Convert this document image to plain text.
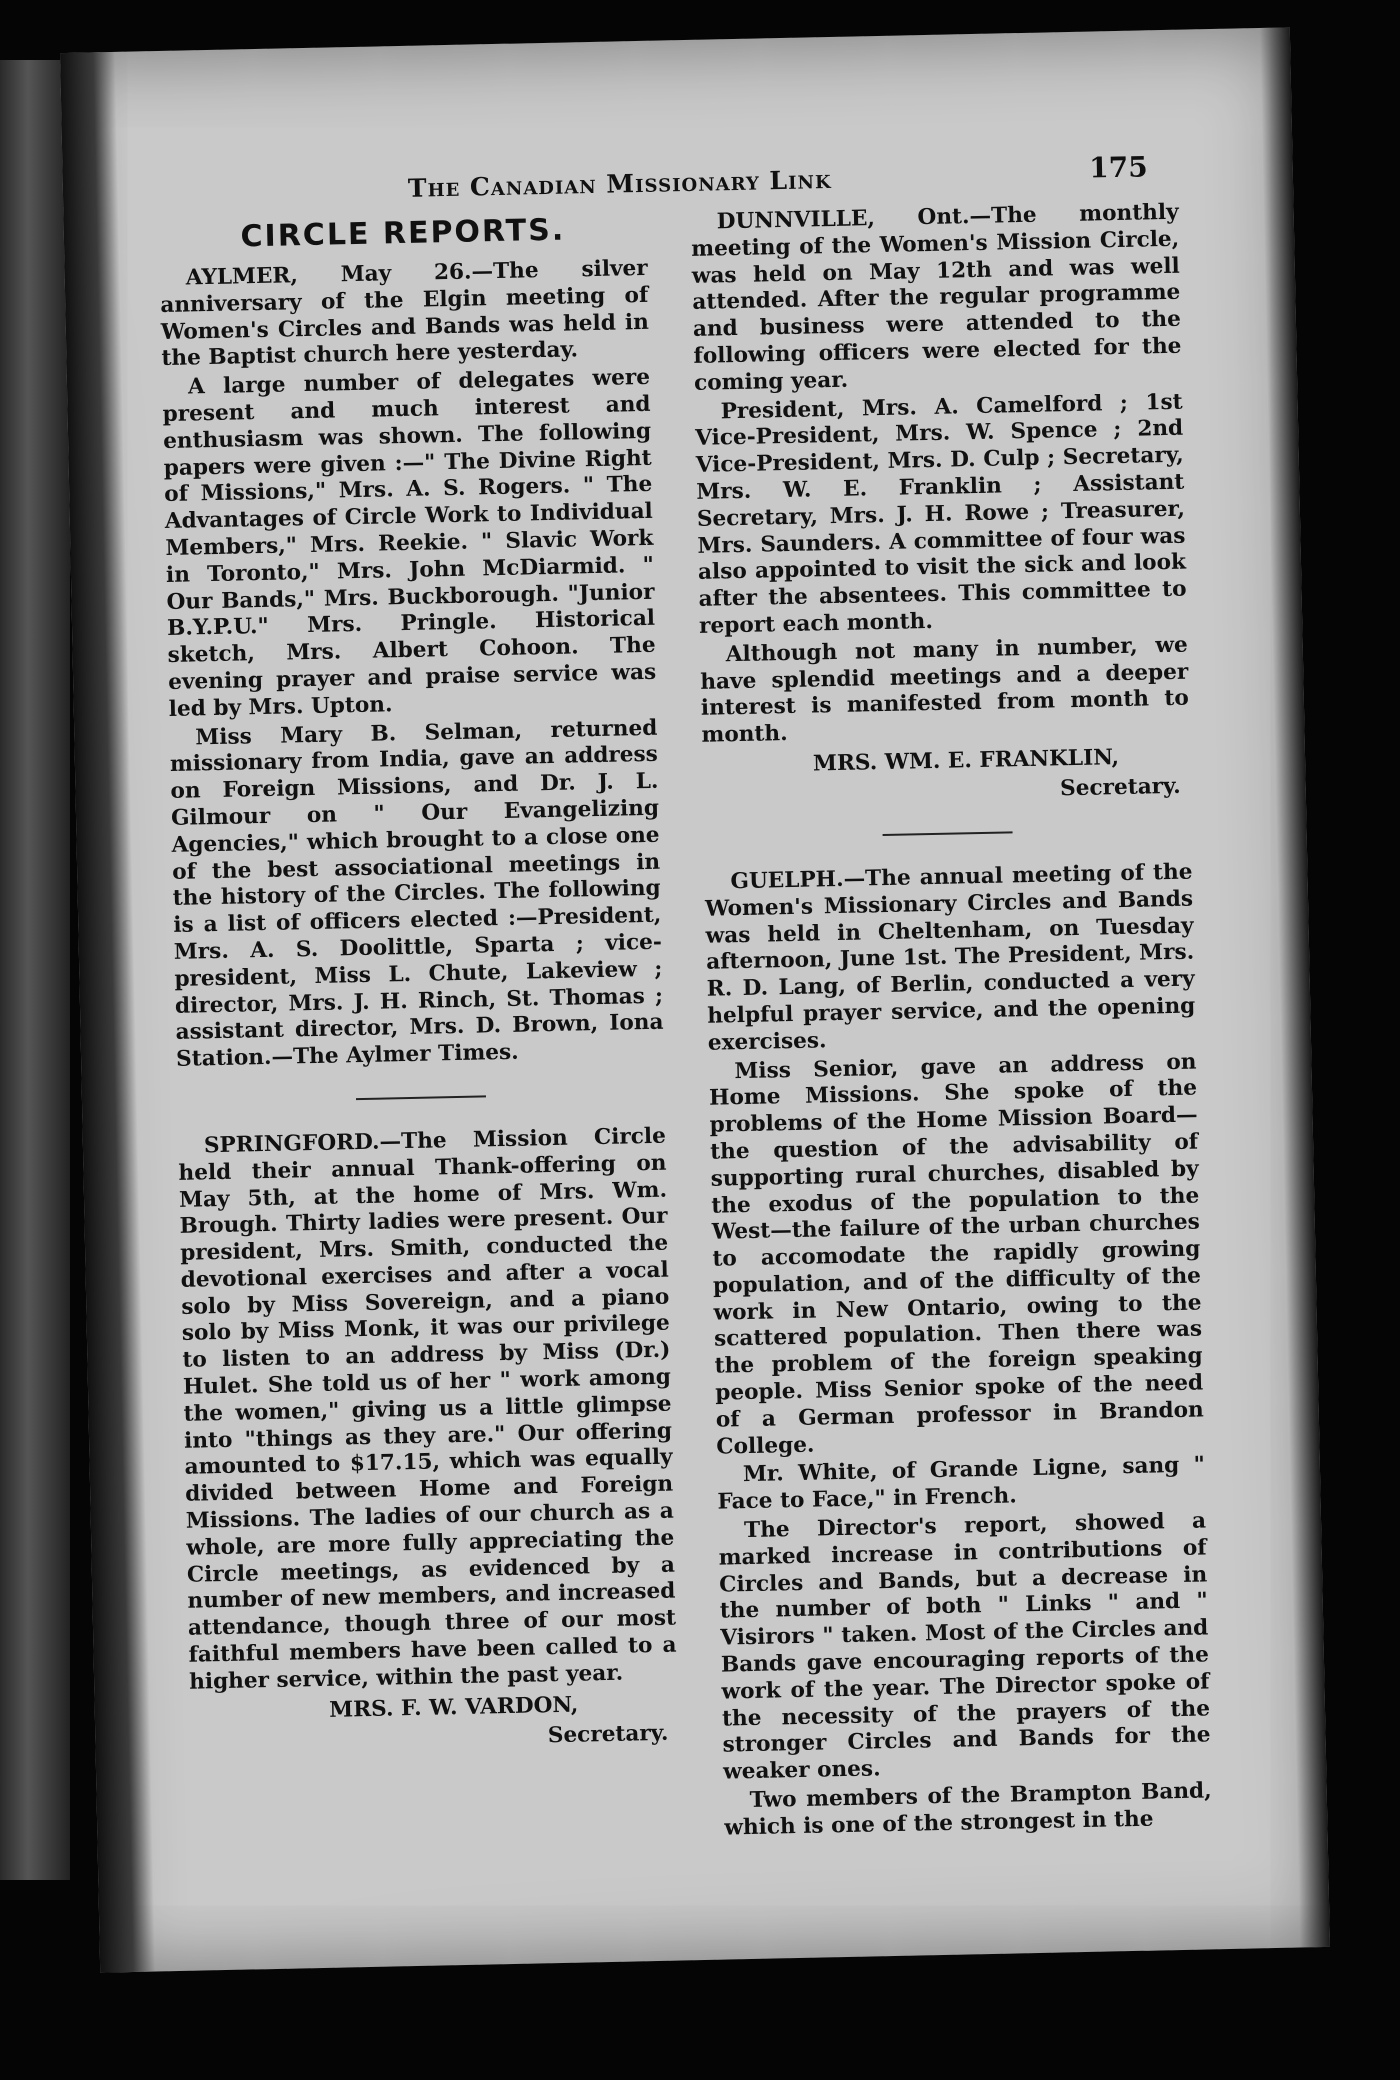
The Canadian Missionary Link	175
CIRCLE REPORTS.

AYLMER, May 26.—The silver anniversary of the Elgin meeting of Women's Circles and Bands was held in the Baptist church here yesterday.

A large number of delegates were present and much interest and enthusiasm was shown. The following papers were given :—" The Divine Right of Missions," Mrs. A. S. Rogers. " The Advantages of Circle Work to Individual Members," Mrs. Reekie. " Slavic Work in Toronto," Mrs. John McDiarmid. " Our Bands," Mrs. Buckborough. "Junior B.Y.P.U." Mrs. Pringle. Historical sketch, Mrs. Albert Cohoon. The evening prayer and praise service was led by Mrs. Upton.

Miss Mary B. Selman, returned missionary from India, gave an address on Foreign Missions, and Dr. J. L. Gilmour on " Our Evangelizing Agencies," which brought to a close one of the best associational meetings in the history of the Circles. The following is a list of officers elected :—President, Mrs. A. S. Doolittle, Sparta ; vice-president, Miss L. Chute, Lakeview ; director, Mrs. J. H. Rinch, St. Thomas ; assistant director, Mrs. D. Brown, Iona Station.—The Aylmer Times.

SPRINGFORD.—The Mission Circle held their annual Thank-offering on May 5th, at the home of Mrs. Wm. Brough. Thirty ladies were present. Our president, Mrs. Smith, conducted the devotional exercises and after a vocal solo by Miss Sovereign, and a piano solo by Miss Monk, it was our privilege to listen to an address by Miss (Dr.) Hulet. She told us of her " work among the women," giving us a little glimpse into "things as they are." Our offering amounted to $17.15, which was equally divided between Home and Foreign Missions. The ladies of our church as a whole, are more fully appreciating the Circle meetings, as evidenced by a number of new members, and increased attendance, though three of our most faithful members have been called to a higher service, within the past year.

MRS. F. W. VARDON,
Secretary.

DUNNVILLE, Ont.—The monthly meeting of the Women's Mission Circle, was held on May 12th and was well attended. After the regular programme and business were attended to the following officers were elected for the coming year.

President, Mrs. A. Camelford ; 1st Vice-President, Mrs. W. Spence ; 2nd Vice-President, Mrs. D. Culp ; Secretary, Mrs. W. E. Franklin ; Assistant Secretary, Mrs. J. H. Rowe ; Treasurer, Mrs. Saunders. A committee of four was also appointed to visit the sick and look after the absentees. This committee to report each month.

Although not many in number, we have splendid meetings and a deeper interest is manifested from month to month.

MRS. WM. E. FRANKLIN,
Secretary.

GUELPH.—The annual meeting of the Women's Missionary Circles and Bands was held in Cheltenham, on Tuesday afternoon, June 1st. The President, Mrs. R. D. Lang, of Berlin, conducted a very helpful prayer service, and the opening exercises.

Miss Senior, gave an address on Home Missions. She spoke of the problems of the Home Mission Board—the question of the advisability of supporting rural churches, disabled by the exodus of the population to the West—the failure of the urban churches to accomodate the rapidly growing population, and of the difficulty of the work in New Ontario, owing to the scattered population. Then there was the problem of the foreign speaking people. Miss Senior spoke of the need of a German professor in Brandon College.

Mr. White, of Grande Ligne, sang " Face to Face," in French.

The Director's report, showed a marked increase in contributions of Circles and Bands, but a decrease in the number of both " Links " and " Visirors " taken. Most of the Circles and Bands gave encouraging reports of the work of the year. The Director spoke of the necessity of the prayers of the stronger Circles and Bands for the weaker ones.

Two members of the Brampton Band, which is one of the strongest in the
